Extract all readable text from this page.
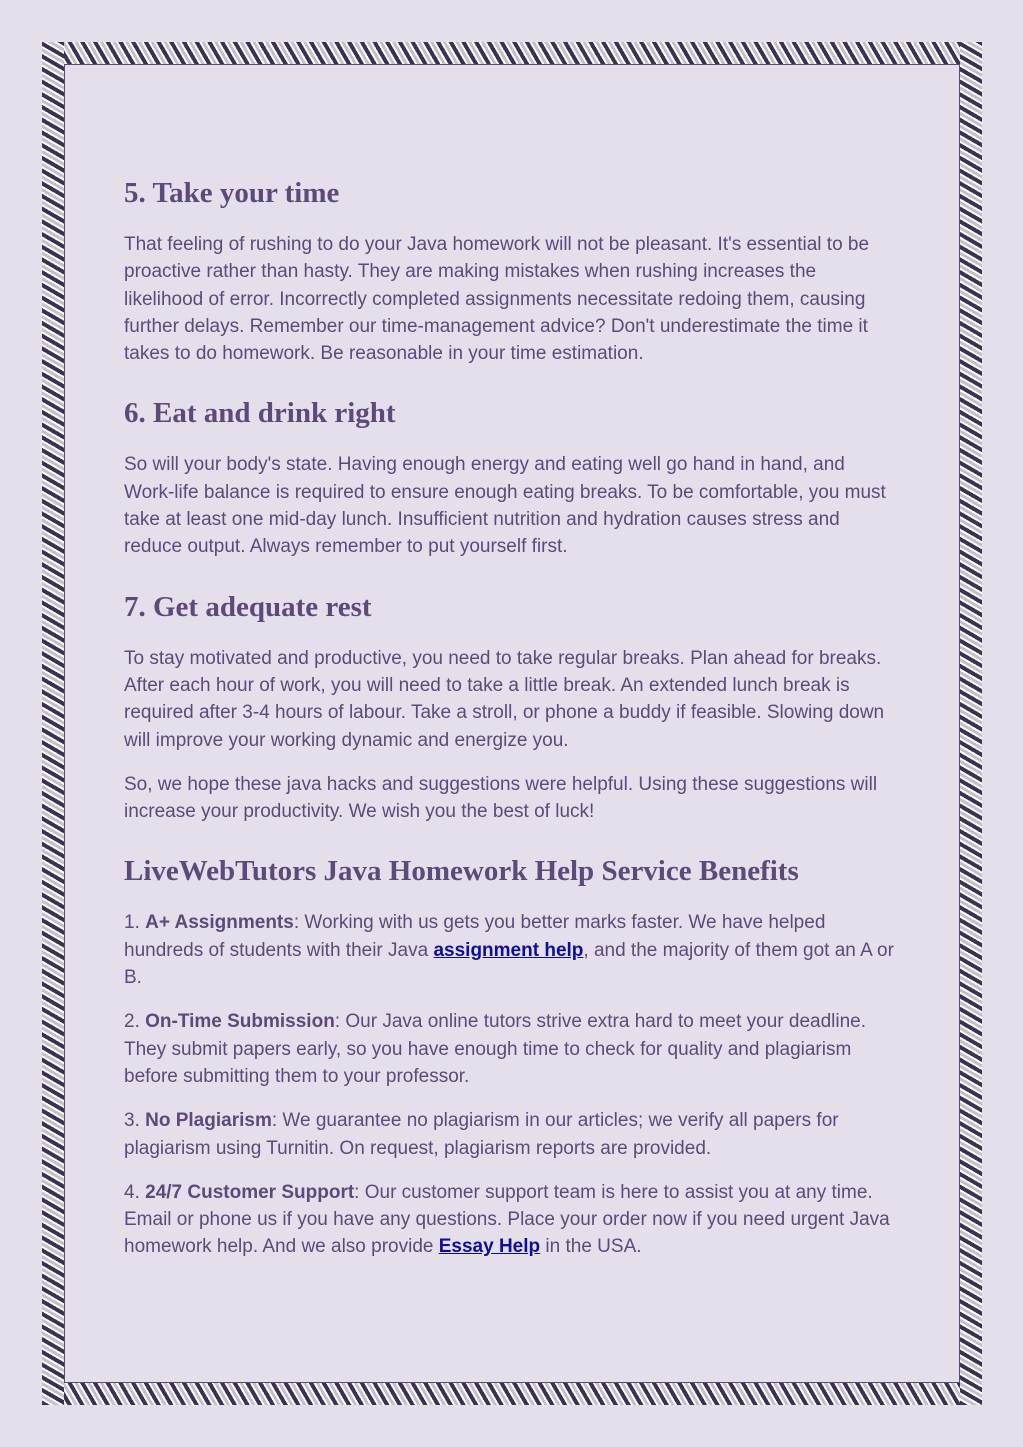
5. Take your time

That feeling of rushing to do your Java homework will not be pleasant. It's essential to be proactive rather than hasty. They are making mistakes when rushing increases the likelihood of error. Incorrectly completed assignments necessitate redoing them, causing further delays. Remember our time-management advice? Don't underestimate the time it takes to do homework. Be reasonable in your time estimation.

6. Eat and drink right

So will your body's state. Having enough energy and eating well go hand in hand, and Work-life balance is required to ensure enough eating breaks. To be comfortable, you must take at least one mid-day lunch. Insufficient nutrition and hydration causes stress and reduce output. Always remember to put yourself first.

7. Get adequate rest

To stay motivated and productive, you need to take regular breaks. Plan ahead for breaks. After each hour of work, you will need to take a little break. An extended lunch break is required after 3-4 hours of labour. Take a stroll, or phone a buddy if feasible. Slowing down will improve your working dynamic and energize you.

So, we hope these java hacks and suggestions were helpful. Using these suggestions will increase your productivity. We wish you the best of luck!

LiveWebTutors Java Homework Help Service Benefits

1. A+ Assignments: Working with us gets you better marks faster. We have helped hundreds of students with their Java assignment help, and the majority of them got an A or B.

2. On-Time Submission: Our Java online tutors strive extra hard to meet your deadline. They submit papers early, so you have enough time to check for quality and plagiarism before submitting them to your professor.

3. No Plagiarism: We guarantee no plagiarism in our articles; we verify all papers for plagiarism using Turnitin. On request, plagiarism reports are provided.

4. 24/7 Customer Support: Our customer support team is here to assist you at any time. Email or phone us if you have any questions. Place your order now if you need urgent Java homework help. And we also provide Essay Help in the USA.
